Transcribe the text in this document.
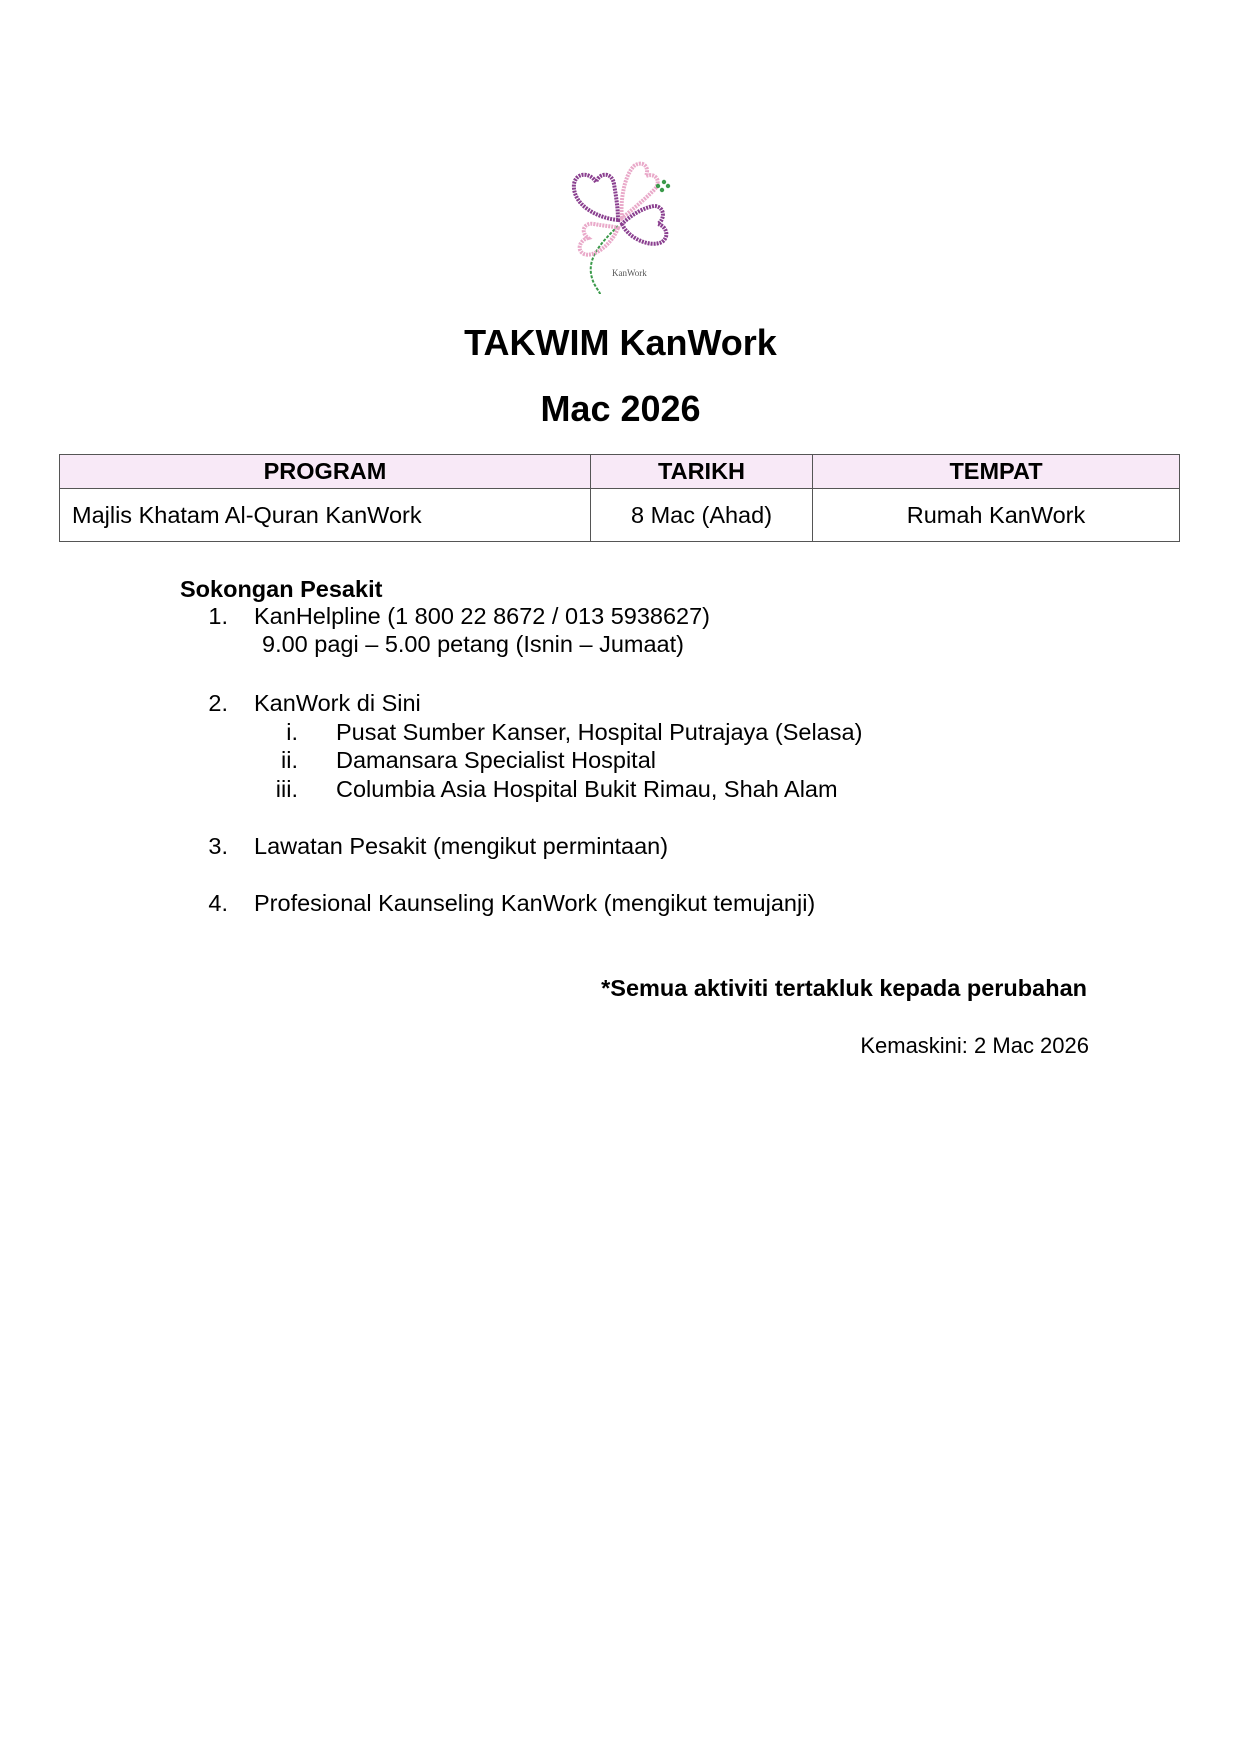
KanWork
TAKWIM KanWork
Mac 2026
PROGRAM	TARIKH	TEMPAT
Majlis Khatam Al-Quran KanWork	8 Mac (Ahad)	Rumah KanWork
Sokongan Pesakit
1. KanHelpline (1 800 22 8672 / 013 5938627)
9.00 pagi – 5.00 petang (Isnin – Jumaat)
2. KanWork di Sini
i. Pusat Sumber Kanser, Hospital Putrajaya (Selasa)
ii. Damansara Specialist Hospital
iii. Columbia Asia Hospital Bukit Rimau, Shah Alam
3. Lawatan Pesakit (mengikut permintaan)
4. Profesional Kaunseling KanWork (mengikut temujanji)
*Semua aktiviti tertakluk kepada perubahan
Kemaskini: 2 Mac 2026
